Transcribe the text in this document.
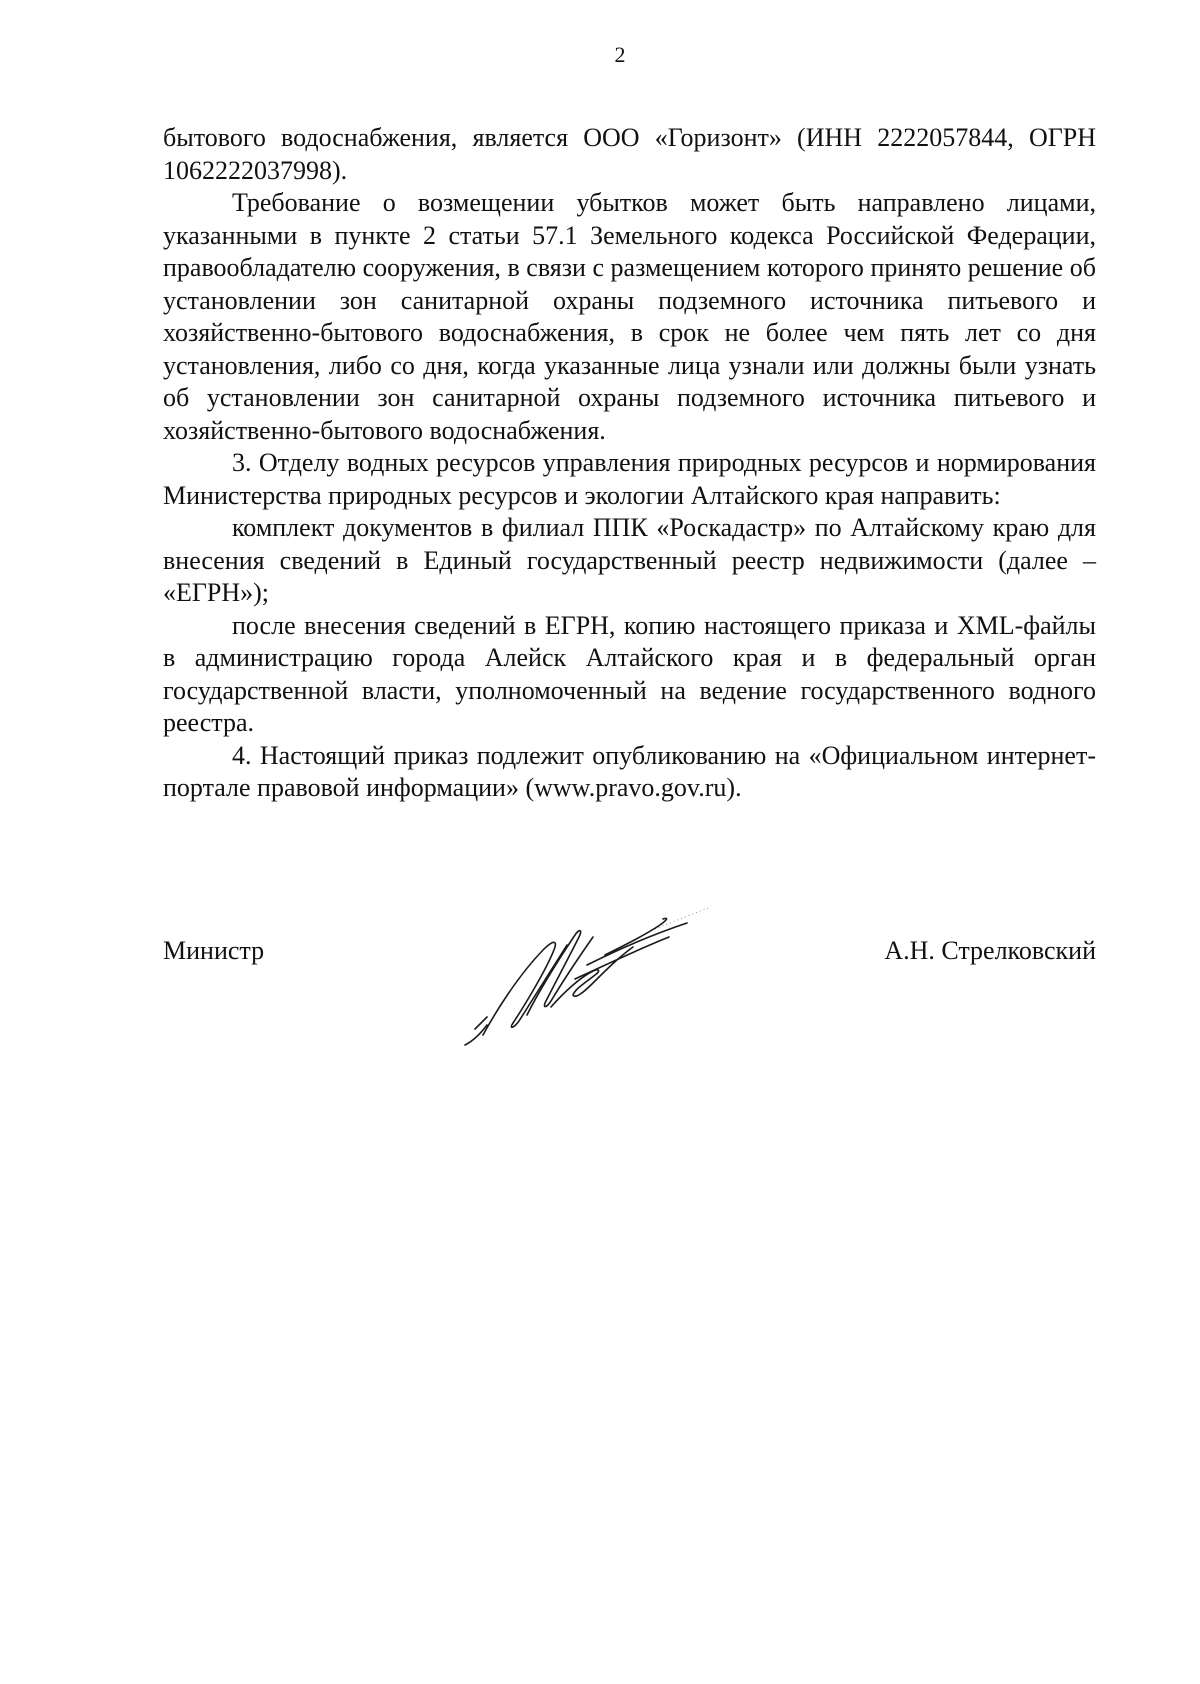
2

бытового водоснабжения, является ООО «Горизонт» (ИНН 2222057844, ОГРН 1062222037998).

Требование о возмещении убытков может быть направлено лицами, указанными в пункте 2 статьи 57.1 Земельного кодекса Российской Федерации, правообладателю сооружения, в связи с размещением которого принято решение об установлении зон санитарной охраны подземного источника питьевого и хозяйственно-бытового водоснабжения, в срок не более чем пять лет со дня установления, либо со дня, когда указанные лица узнали или должны были узнать об установлении зон санитарной охраны подземного источника питьевого и хозяйственно-бытового водоснабжения.

3. Отделу водных ресурсов управления природных ресурсов и нормирования Министерства природных ресурсов и экологии Алтайского края направить:

комплект документов в филиал ППК «Роскадастр» по Алтайскому краю для внесения сведений в Единый государственный реестр недвижимости (далее – «ЕГРН»);

после внесения сведений в ЕГРН, копию настоящего приказа и XML-файлы в администрацию города Алейск Алтайского края и в федеральный орган государственной власти, уполномоченный на ведение государственного водного реестра.

4. Настоящий приказ подлежит опубликованию на «Официальном интернет-портале правовой информации» (www.pravo.gov.ru).

Министр	А.Н. Стрелковский
